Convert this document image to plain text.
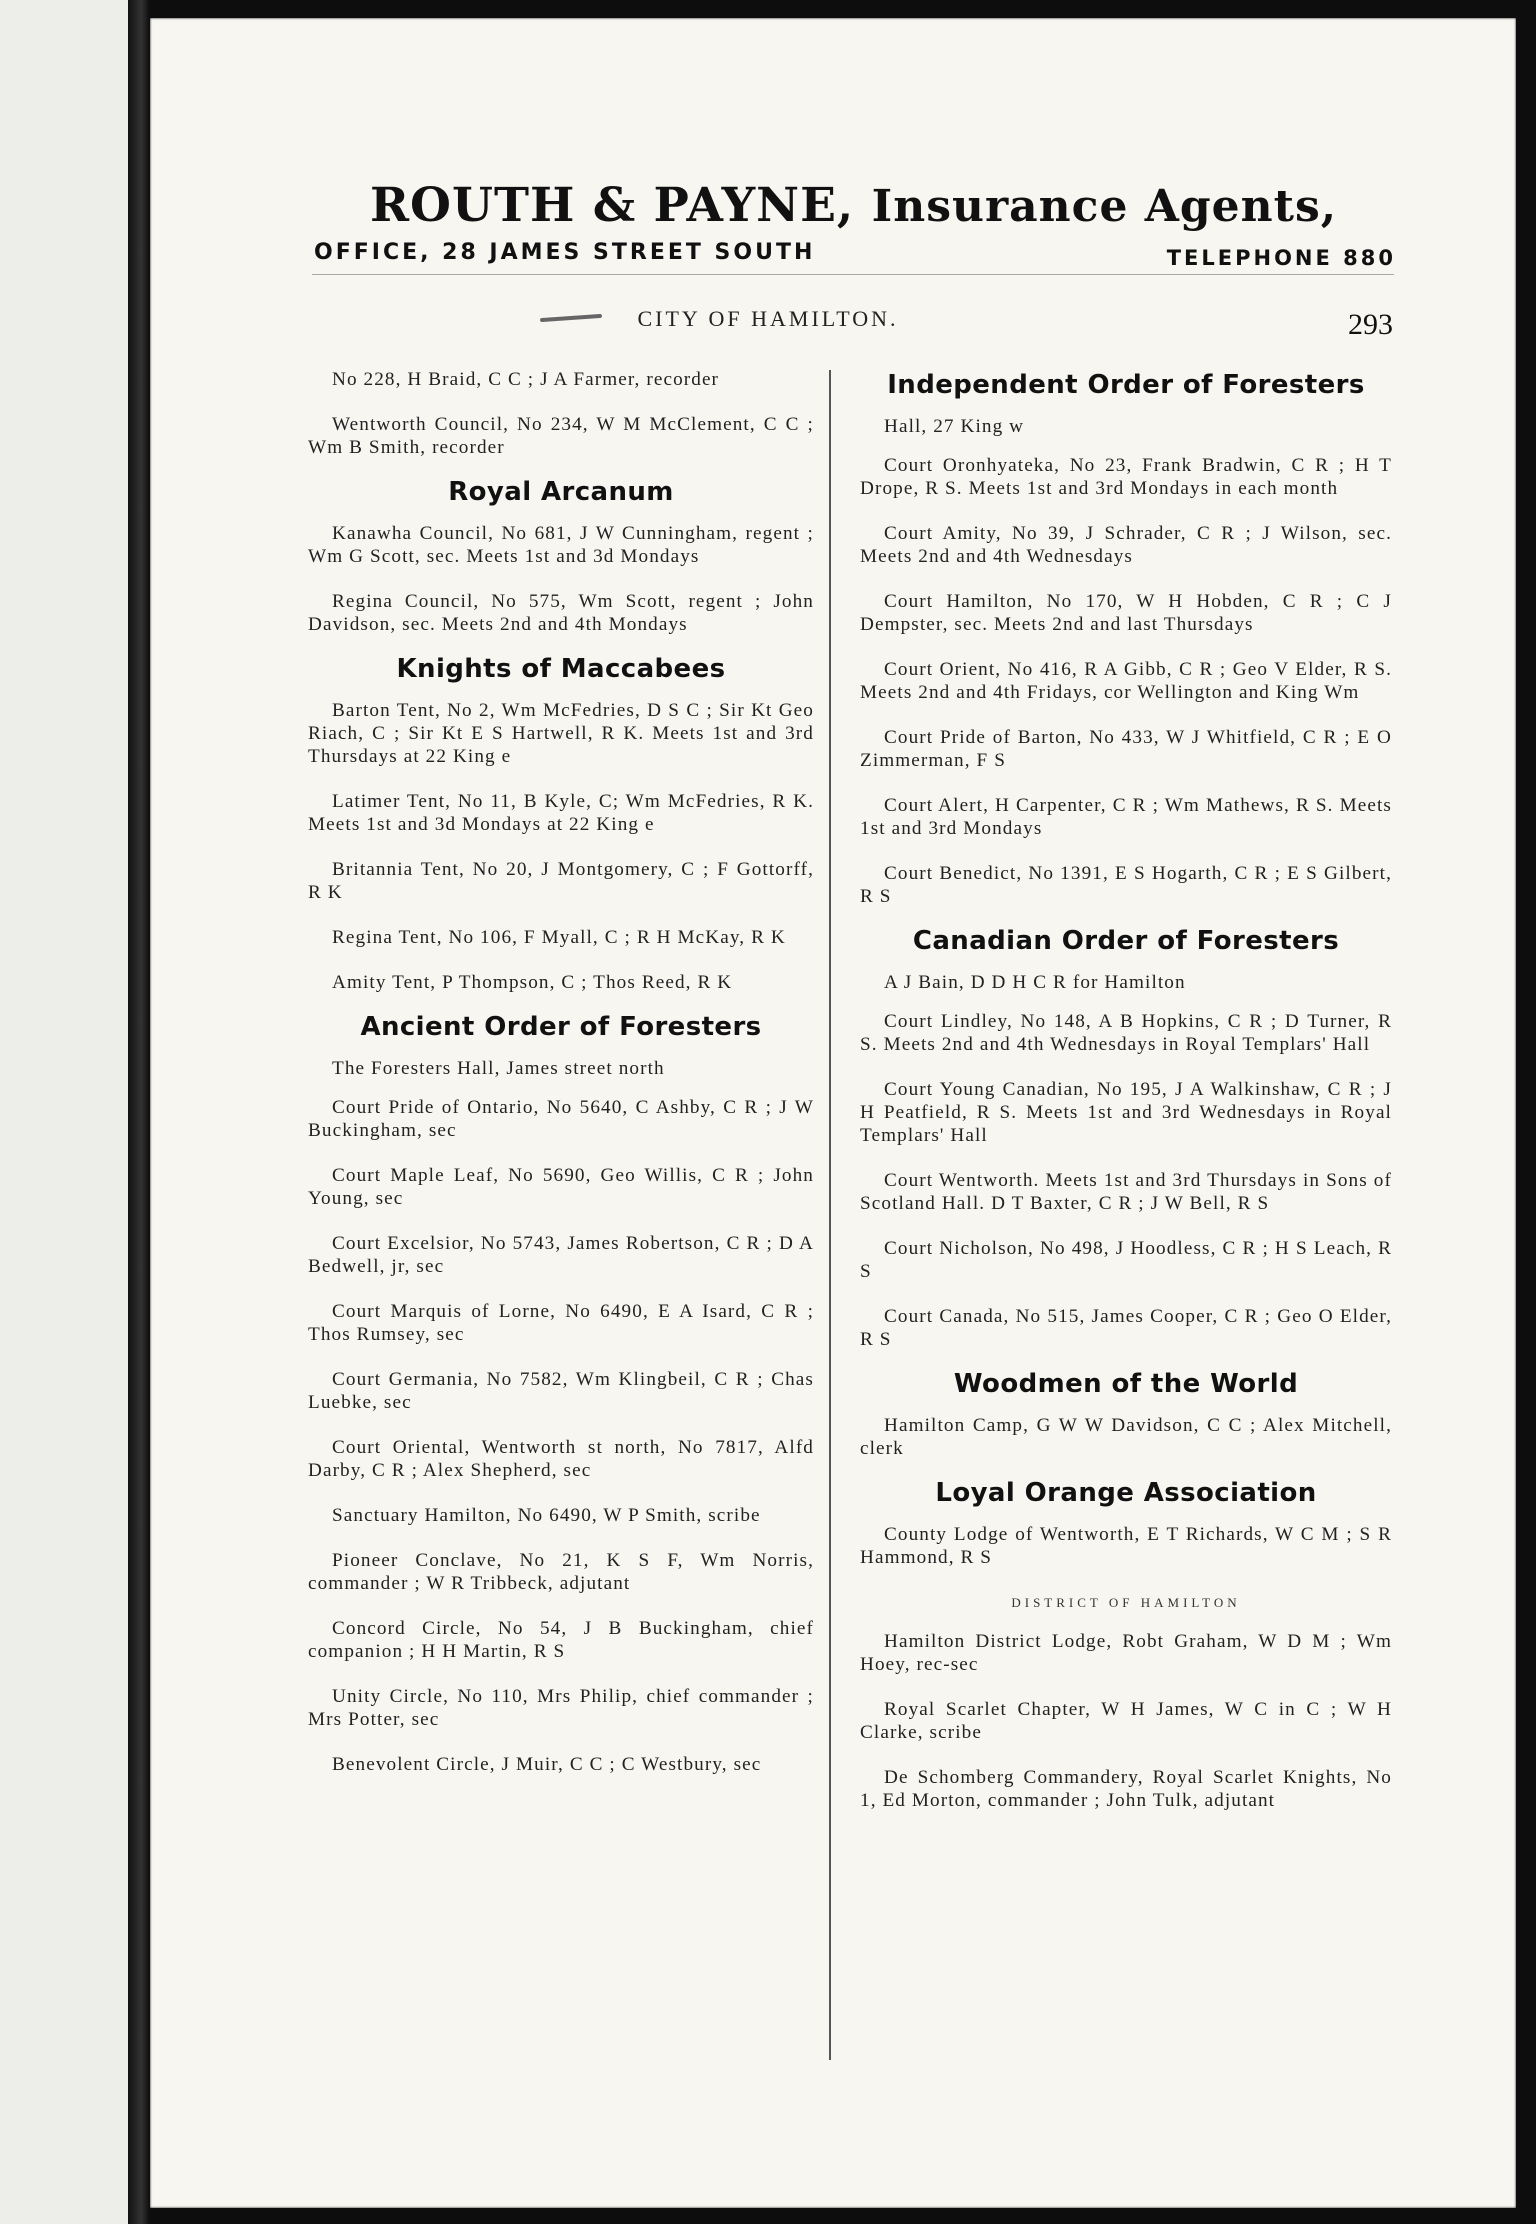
ROUTH & PAYNE, Insurance Agents,
OFFICE, 28 JAMES STREET SOUTH	TELEPHONE 880
CITY OF HAMILTON.	293
No 228, H Braid, C C ; J A Farmer, recorder
Wentworth Council, No 234, W M McClement, C C ; Wm B Smith, recorder
Royal Arcanum
Kanawha Council, No 681, J W Cunningham, regent ; Wm G Scott, sec. Meets 1st and 3d Mondays
Regina Council, No 575, Wm Scott, regent ; John Davidson, sec. Meets 2nd and 4th Mondays
Knights of Maccabees
Barton Tent, No 2, Wm McFedries, D S C ; Sir Kt Geo Riach, C ; Sir Kt E S Hartwell, R K. Meets 1st and 3rd Thursdays at 22 King e
Latimer Tent, No 11, B Kyle, C; Wm McFedries, R K. Meets 1st and 3d Mondays at 22 King e
Britannia Tent, No 20, J Montgomery, C ; F Gottorff, R K
Regina Tent, No 106, F Myall, C ; R H McKay, R K
Amity Tent, P Thompson, C ; Thos Reed, R K
Ancient Order of Foresters
The Foresters Hall, James street north
Court Pride of Ontario, No 5640, C Ashby, C R ; J W Buckingham, sec
Court Maple Leaf, No 5690, Geo Willis, C R ; John Young, sec
Court Excelsior, No 5743, James Robertson, C R ; D A Bedwell, jr, sec
Court Marquis of Lorne, No 6490, E A Isard, C R ; Thos Rumsey, sec
Court Germania, No 7582, Wm Klingbeil, C R ; Chas Luebke, sec
Court Oriental, Wentworth st north, No 7817, Alfd Darby, C R ; Alex Shepherd, sec
Sanctuary Hamilton, No 6490, W P Smith, scribe
Pioneer Conclave, No 21, K S F, Wm Norris, commander ; W R Tribbeck, adjutant
Concord Circle, No 54, J B Buckingham, chief companion ; H H Martin, R S
Unity Circle, No 110, Mrs Philip, chief commander ; Mrs Potter, sec
Benevolent Circle, J Muir, C C ; C Westbury, sec
Independent Order of Foresters
Hall, 27 King w
Court Oronhyateka, No 23, Frank Bradwin, C R ; H T Drope, R S. Meets 1st and 3rd Mondays in each month
Court Amity, No 39, J Schrader, C R ; J Wilson, sec. Meets 2nd and 4th Wednesdays
Court Hamilton, No 170, W H Hobden, C R ; C J Dempster, sec. Meets 2nd and last Thursdays
Court Orient, No 416, R A Gibb, C R ; Geo V Elder, R S. Meets 2nd and 4th Fridays, cor Wellington and King Wm
Court Pride of Barton, No 433, W J Whitfield, C R ; E O Zimmerman, F S
Court Alert, H Carpenter, C R ; Wm Mathews, R S. Meets 1st and 3rd Mondays
Court Benedict, No 1391, E S Hogarth, C R ; E S Gilbert, R S
Canadian Order of Foresters
A J Bain, D D H C R for Hamilton
Court Lindley, No 148, A B Hopkins, C R ; D Turner, R S. Meets 2nd and 4th Wednesdays in Royal Templars' Hall
Court Young Canadian, No 195, J A Walkinshaw, C R ; J H Peatfield, R S. Meets 1st and 3rd Wednesdays in Royal Templars' Hall
Court Wentworth. Meets 1st and 3rd Thursdays in Sons of Scotland Hall. D T Baxter, C R ; J W Bell, R S
Court Nicholson, No 498, J Hoodless, C R ; H S Leach, R S
Court Canada, No 515, James Cooper, C R ; Geo O Elder, R S
Woodmen of the World
Hamilton Camp, G W W Davidson, C C ; Alex Mitchell, clerk
Loyal Orange Association
County Lodge of Wentworth, E T Richards, W C M ; S R Hammond, R S
DISTRICT OF HAMILTON
Hamilton District Lodge, Robt Graham, W D M ; Wm Hoey, rec-sec
Royal Scarlet Chapter, W H James, W C in C ; W H Clarke, scribe
De Schomberg Commandery, Royal Scarlet Knights, No 1, Ed Morton, commander ; John Tulk, adjutant
